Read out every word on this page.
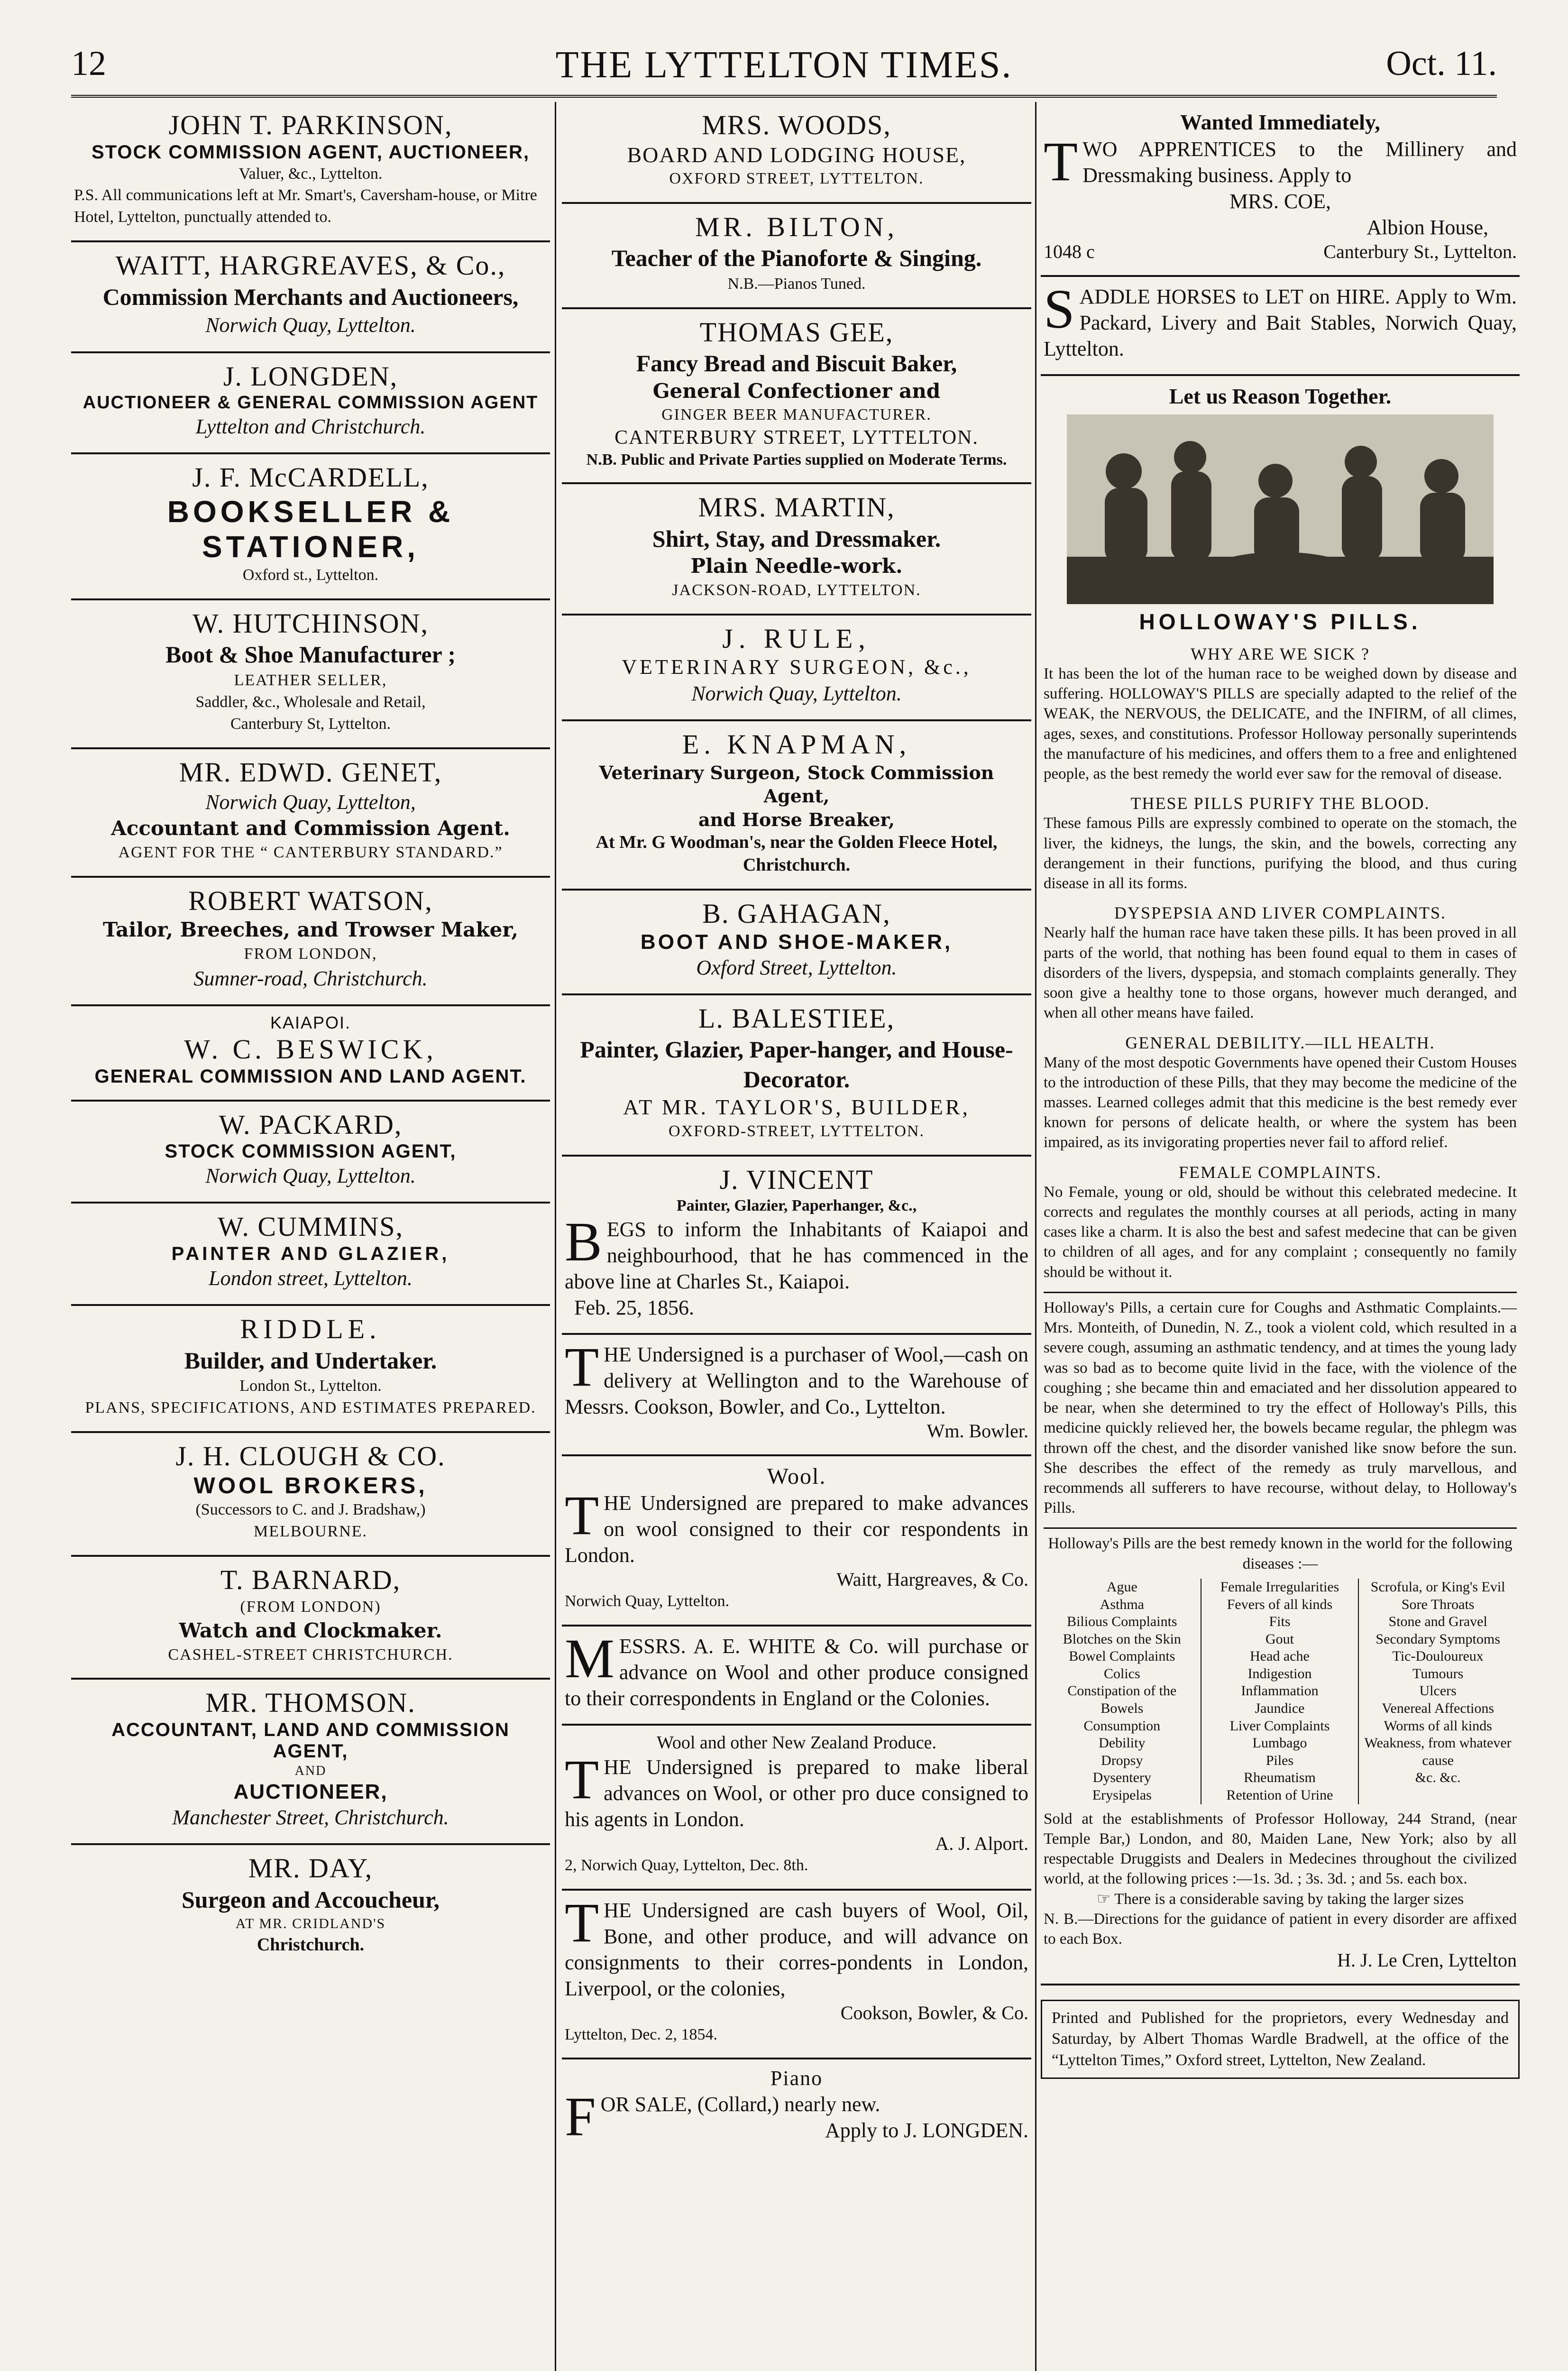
12	THE LYTTELTON TIMES.	Oct. 11.
JOHN T. PARKINSON,
STOCK COMMISSION AGENT, AUCTIONEER,
Valuer, &c., Lyttelton.
P.S. All communications left at Mr. Smart's, Caversham-house, or Mitre Hotel, Lyttelton, punctually attended to.
WAITT, HARGREAVES, & Co.,
Commission Merchants and Auctioneers,
Norwich Quay, Lyttelton.
J. LONGDEN,
AUCTIONEER & GENERAL COMMISSION AGENT
Lyttelton and Christchurch.
J. F. McCARDELL,
BOOKSELLER & STATIONER,
Oxford st., Lyttelton.
W. HUTCHINSON,
Boot & Shoe Manufacturer ;
LEATHER SELLER,
Saddler, &c., Wholesale and Retail,
Canterbury St, Lyttelton.
MR. EDWD. GENET,
Norwich Quay, Lyttelton,
Accountant and Commission Agent.
AGENT FOR THE “ CANTERBURY STANDARD.”
ROBERT WATSON,
Tailor, Breeches, and Trowser Maker,
FROM LONDON,
Sumner-road, Christchurch.
KAIAPOI.
W. C. BESWICK,
GENERAL COMMISSION AND LAND AGENT.
W. PACKARD,
STOCK COMMISSION AGENT,
Norwich Quay, Lyttelton.
W. CUMMINS,
PAINTER AND GLAZIER,
London street, Lyttelton.
RIDDLE.
Builder, and Undertaker.
London St., Lyttelton.
PLANS, SPECIFICATIONS, AND ESTIMATES PREPARED.
J. H. CLOUGH & CO.
WOOL BROKERS,
(Successors to C. and J. Bradshaw,)
MELBOURNE.
T. BARNARD,
(FROM LONDON)
Watch and Clockmaker.
CASHEL-STREET CHRISTCHURCH.
MR. THOMSON.
ACCOUNTANT, LAND AND COMMISSION AGENT,
AND
AUCTIONEER,
Manchester Street, Christchurch.
MR. DAY,
Surgeon and Accoucheur,
AT MR. CRIDLAND'S
Christchurch.
MRS. WOODS,
BOARD AND LODGING HOUSE,
OXFORD STREET, LYTTELTON.
MR. BILTON,
Teacher of the Pianoforte & Singing.
N.B.—Pianos Tuned.
THOMAS GEE,
Fancy Bread and Biscuit Baker,
General Confectioner and
GINGER BEER MANUFACTURER.
CANTERBURY STREET, LYTTELTON.
N.B. Public and Private Parties supplied on Moderate Terms.
MRS. MARTIN,
Shirt, Stay, and Dressmaker.
Plain Needle-work.
JACKSON-ROAD, LYTTELTON.
J. RULE,
VETERINARY SURGEON, &c.,
Norwich Quay, Lyttelton.
E. KNAPMAN,
Veterinary Surgeon, Stock Commission Agent,
and Horse Breaker,
At Mr. G Woodman's, near the Golden Fleece Hotel, Christchurch.
B. GAHAGAN,
BOOT AND SHOE-MAKER,
Oxford Street, Lyttelton.
L. BALESTIEE,
Painter, Glazier, Paper-hanger, and House-Decorator.
AT MR. TAYLOR'S, BUILDER,
OXFORD-STREET, LYTTELTON.
J. VINCENT
Painter, Glazier, Paperhanger, &c.,
BEGS to inform the Inhabitants of Kaiapoi and neighbourhood, that he has commenced in the above line at Charles St., Kaiapoi.
Feb. 25, 1856.
THE Undersigned is a purchaser of Wool,—cash on delivery at Wellington and to the Warehouse of Messrs. Cookson, Bowler, and Co., Lyttelton.
Wm. Bowler.
Wool.
THE Undersigned are prepared to make advances on wool consigned to their cor respondents in London.
Waitt, Hargreaves, & Co.
Norwich Quay, Lyttelton.
MESSRS. A. E. WHITE & Co. will purchase or advance on Wool and other produce consigned to their correspondents in England or the Colonies.
Wool and other New Zealand Produce.
THE Undersigned is prepared to make liberal advances on Wool, or other pro duce consigned to his agents in London.
A. J. Alport.
2, Norwich Quay, Lyttelton, Dec. 8th.
THE Undersigned are cash buyers of Wool, Oil, Bone, and other produce, and will advance on consignments to their corres-pondents in London, Liverpool, or the colonies,
Cookson, Bowler, & Co.
Lyttelton, Dec. 2, 1854.
Piano
FOR SALE, (Collard,) nearly new.
Apply to J. LONGDEN.
Wanted Immediately,
TWO APPRENTICES to the Millinery and Dressmaking business. Apply to
MRS. COE,
Albion House,
1048 c	Canterbury St., Lyttelton.
SADDLE HORSES to LET on HIRE. Apply to Wm. Packard, Livery and Bait Stables, Norwich Quay, Lyttelton.
Let us Reason Together.
HOLLOWAY'S PILLS.
WHY ARE WE SICK ?
It has been the lot of the human race to be weighed down by disease and suffering. HOLLOWAY'S PILLS are specially adapted to the relief of the WEAK, the NERVOUS, the DELICATE, and the INFIRM, of all climes, ages, sexes, and constitutions. Professor Holloway personally superintends the manufacture of his medicines, and offers them to a free and enlightened people, as the best remedy the world ever saw for the removal of disease.
THESE PILLS PURIFY THE BLOOD.
These famous Pills are expressly combined to operate on the stomach, the liver, the kidneys, the lungs, the skin, and the bowels, correcting any derangement in their functions, purifying the blood, and thus curing disease in all its forms.
DYSPEPSIA AND LIVER COMPLAINTS.
Nearly half the human race have taken these pills. It has been proved in all parts of the world, that nothing has been found equal to them in cases of disorders of the livers, dyspepsia, and stomach complaints generally. They soon give a healthy tone to those organs, however much deranged, and when all other means have failed.
GENERAL DEBILITY.—ILL HEALTH.
Many of the most despotic Governments have opened their Custom Houses to the introduction of these Pills, that they may become the medicine of the masses. Learned colleges admit that this medicine is the best remedy ever known for persons of delicate health, or where the system has been impaired, as its invigorating properties never fail to afford relief.
FEMALE COMPLAINTS.
No Female, young or old, should be without this celebrated medecine. It corrects and regulates the monthly courses at all periods, acting in many cases like a charm. It is also the best and safest medecine that can be given to children of all ages, and for any complaint ; consequently no family should be without it.
Holloway's Pills, a certain cure for Coughs and Asthmatic Complaints.—Mrs. Monteith, of Dunedin, N. Z., took a violent cold, which resulted in a severe cough, assuming an asthmatic tendency, and at times the young lady was so bad as to become quite livid in the face, with the violence of the coughing ; she became thin and emaciated and her dissolution appeared to be near, when she determined to try the effect of Holloway's Pills, this medicine quickly relieved her, the bowels became regular, the phlegm was thrown off the chest, and the disorder vanished like snow before the sun. She describes the effect of the remedy as truly marvellous, and recommends all sufferers to have recourse, without delay, to Holloway's Pills.
Holloway's Pills are the best remedy known in the world for the following diseases :—
Ague
Asthma
Bilious Complaints
Blotches on the Skin
Bowel Complaints
Colics
Constipation of the Bowels
Consumption
Debility
Dropsy
Dysentery
Erysipelas
Female Irregularities
Fevers of all kinds
Fits
Gout
Head ache
Indigestion
Inflammation
Jaundice
Liver Complaints
Lumbago
Piles
Rheumatism
Retention of Urine
Scrofula, or King's Evil
Sore Throats
Stone and Gravel
Secondary Symptoms
Tic-Douloureux
Tumours
Ulcers
Venereal Affections
Worms of all kinds
Weakness, from whatever cause
&c. &c.
Sold at the establishments of Professor Holloway, 244 Strand, (near Temple Bar,) London, and 80, Maiden Lane, New York; also by all respectable Druggists and Dealers in Medecines throughout the civilized world, at the following prices :—1s. 3d. ; 3s. 3d. ; and 5s. each box.
☞ There is a considerable saving by taking the larger sizes
N. B.—Directions for the guidance of patient in every disorder are affixed to each Box.
H. J. Le Cren, Lyttelton
Printed and Published for the proprietors, every Wednesday and Saturday, by Albert Thomas Wardle Bradwell, at the office of the “Lyttelton Times,” Oxford street, Lyttelton, New Zealand.
